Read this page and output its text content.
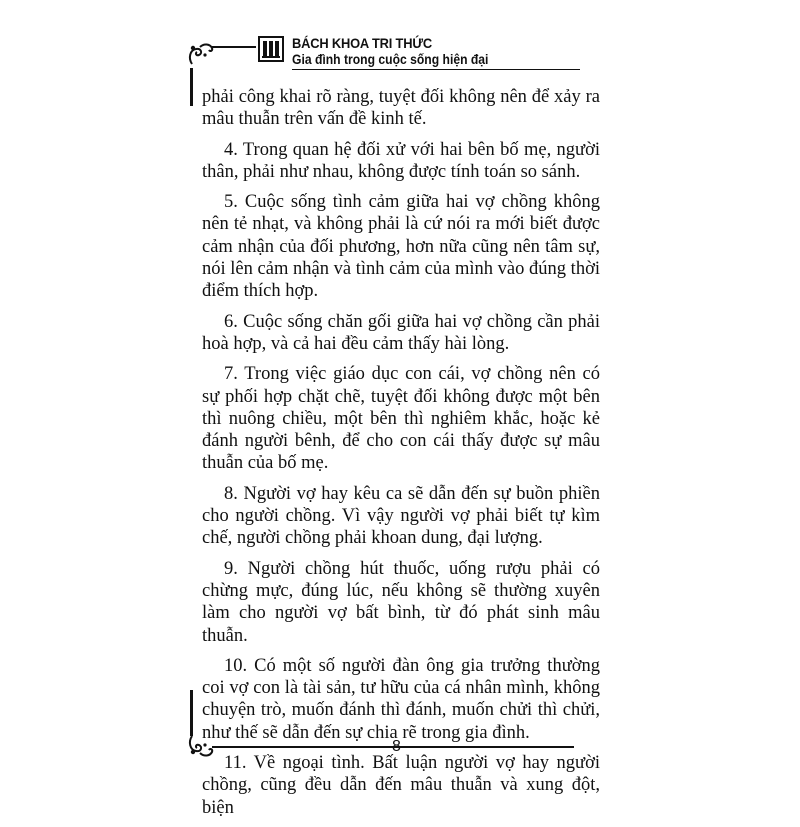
BÁCH KHOA TRI THỨC
Gia đình trong cuộc sống hiện đại

phải công khai rõ ràng, tuyệt đối không nên để xảy ra mâu thuẫn trên vấn đề kinh tế.

4. Trong quan hệ đối xử với hai bên bố mẹ, người thân, phải như nhau, không được tính toán so sánh.

5. Cuộc sống tình cảm giữa hai vợ chồng không nên tẻ nhạt, và không phải là cứ nói ra mới biết được cảm nhận của đối phương, hơn nữa cũng nên tâm sự, nói lên cảm nhận và tình cảm của mình vào đúng thời điểm thích hợp.

6. Cuộc sống chăn gối giữa hai vợ chồng cần phải hoà hợp, và cả hai đều cảm thấy hài lòng.

7. Trong việc giáo dục con cái, vợ chồng nên có sự phối hợp chặt chẽ, tuyệt đối không được một bên thì nuông chiều, một bên thì nghiêm khắc, hoặc kẻ đánh người bênh, để cho con cái thấy được sự mâu thuẫn của bố mẹ.

8. Người vợ hay kêu ca sẽ dẫn đến sự buồn phiền cho người chồng. Vì vậy người vợ phải biết tự kìm chế, người chồng phải khoan dung, đại lượng.

9. Người chồng hút thuốc, uống rượu phải có chừng mực, đúng lúc, nếu không sẽ thường xuyên làm cho người vợ bất bình, từ đó phát sinh mâu thuẫn.

10. Có một số người đàn ông gia trưởng thường coi vợ con là tài sản, tư hữu của cá nhân mình, không chuyện trò, muốn đánh thì đánh, muốn chửi thì chửi, như thế sẽ dẫn đến sự chia rẽ trong gia đình.

11. Về ngoại tình. Bất luận người vợ hay người chồng, cũng đều dẫn đến mâu thuẫn và xung đột, biện

8
